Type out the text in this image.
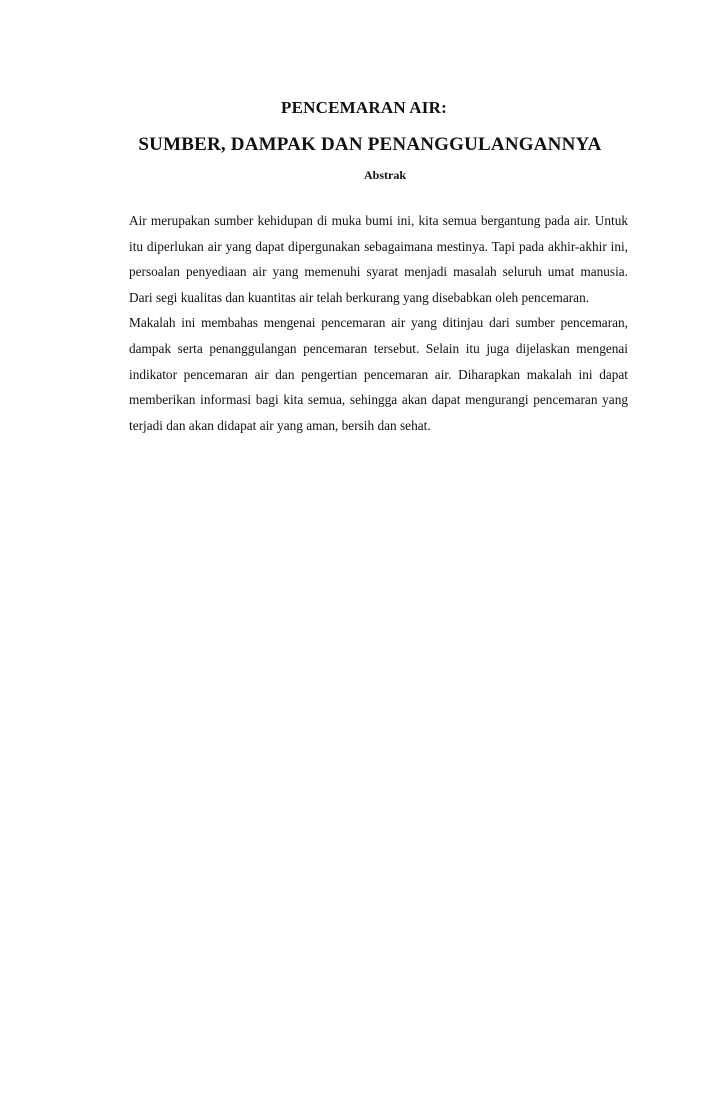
PENCEMARAN AIR:
SUMBER, DAMPAK DAN PENANGGULANGANNYA
Abstrak

Air merupakan sumber kehidupan di muka bumi ini, kita semua bergantung pada air. Untuk itu diperlukan air yang dapat dipergunakan sebagaimana mestinya. Tapi pada akhir-akhir ini, persoalan penyediaan air yang memenuhi syarat menjadi masalah seluruh umat manusia. Dari segi kualitas dan kuantitas air telah berkurang yang disebabkan oleh pencemaran.

Makalah ini membahas mengenai pencemaran air yang ditinjau dari sumber pencemaran, dampak serta penanggulangan pencemaran tersebut. Selain itu juga dijelaskan mengenai indikator pencemaran air dan pengertian pencemaran air. Diharapkan makalah ini dapat memberikan informasi bagi kita semua, sehingga akan dapat mengurangi pencemaran yang terjadi dan akan didapat air yang aman, bersih dan sehat.
